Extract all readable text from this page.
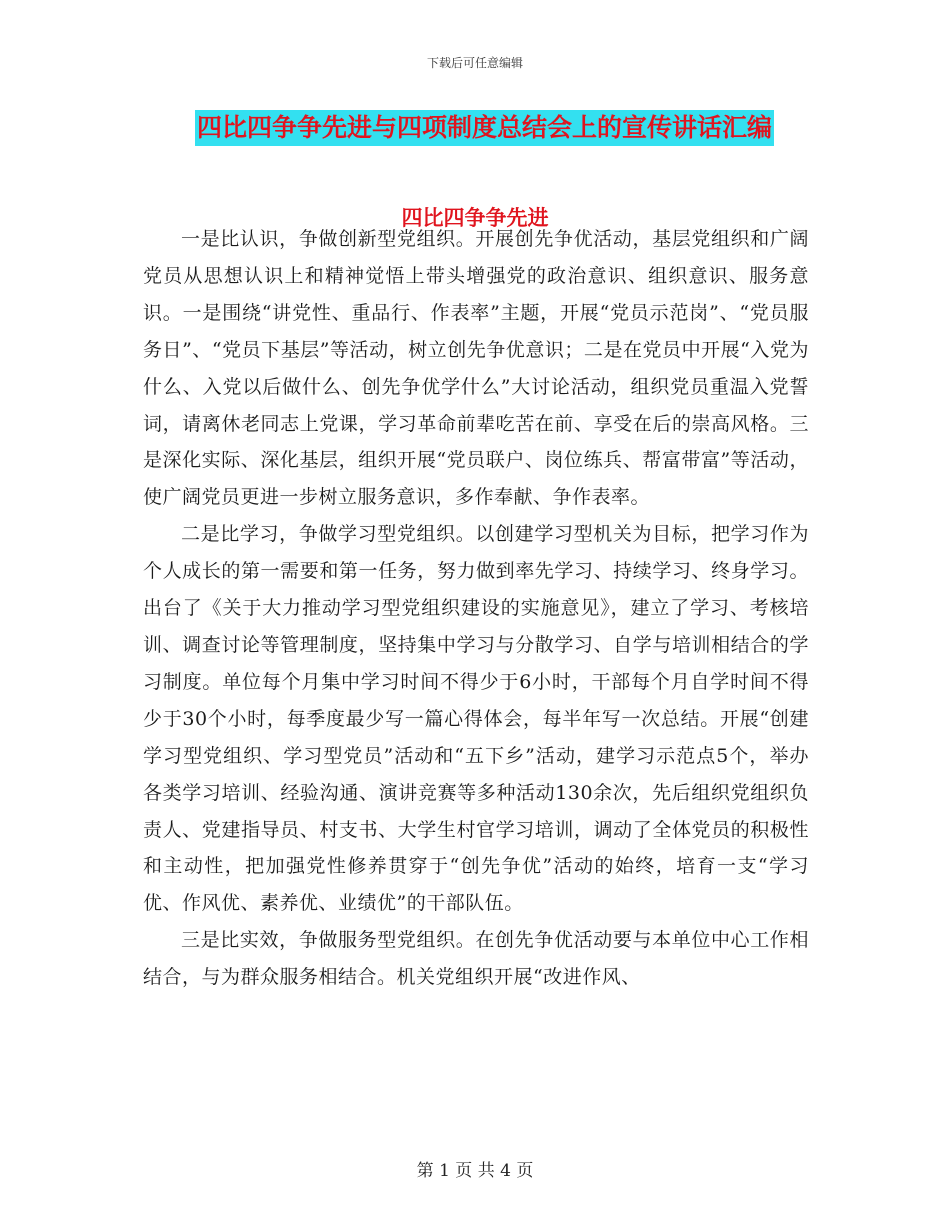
下载后可任意编辑
四比四争争先进与四项制度总结会上的宣传讲话汇编
四比四争争先进

一是比认识，争做创新型党组织。开展创先争优活动，基层党组织和广阔党员从思想认识上和精神觉悟上带头增强党的政治意识、组织意识、服务意识。一是围绕“讲党性、重品行、作表率”主题，开展“党员示范岗”、“党员服务日”、“党员下基层”等活动，树立创先争优意识；二是在党员中开展“入党为什么、入党以后做什么、创先争优学什么”大讨论活动，组织党员重温入党誓词，请离休老同志上党课，学习革命前辈吃苦在前、享受在后的崇高风格。三是深化实际、深化基层，组织开展“党员联户、岗位练兵、帮富带富”等活动，使广阔党员更进一步树立服务意识，多作奉献、争作表率。

二是比学习，争做学习型党组织。以创建学习型机关为目标，把学习作为个人成长的第一需要和第一任务，努力做到率先学习、持续学习、终身学习。出台了《关于大力推动学习型党组织建设的实施意见》，建立了学习、考核培训、调查讨论等管理制度，坚持集中学习与分散学习、自学与培训相结合的学习制度。单位每个月集中学习时间不得少于6小时，干部每个月自学时间不得少于30个小时，每季度最少写一篇心得体会，每半年写一次总结。开展“创建学习型党组织、学习型党员”活动和“五下乡”活动，建学习示范点5个，举办各类学习培训、经验沟通、演讲竞赛等多种活动130余次，先后组织党组织负责人、党建指导员、村支书、大学生村官学习培训，调动了全体党员的积极性和主动性，把加强党性修养贯穿于“创先争优”活动的始终，培育一支“学习优、作风优、素养优、业绩优”的干部队伍。

三是比实效，争做服务型党组织。在创先争优活动要与本单位中心工作相结合，与为群众服务相结合。机关党组织开展“改进作风、

第 1 页 共 4 页
